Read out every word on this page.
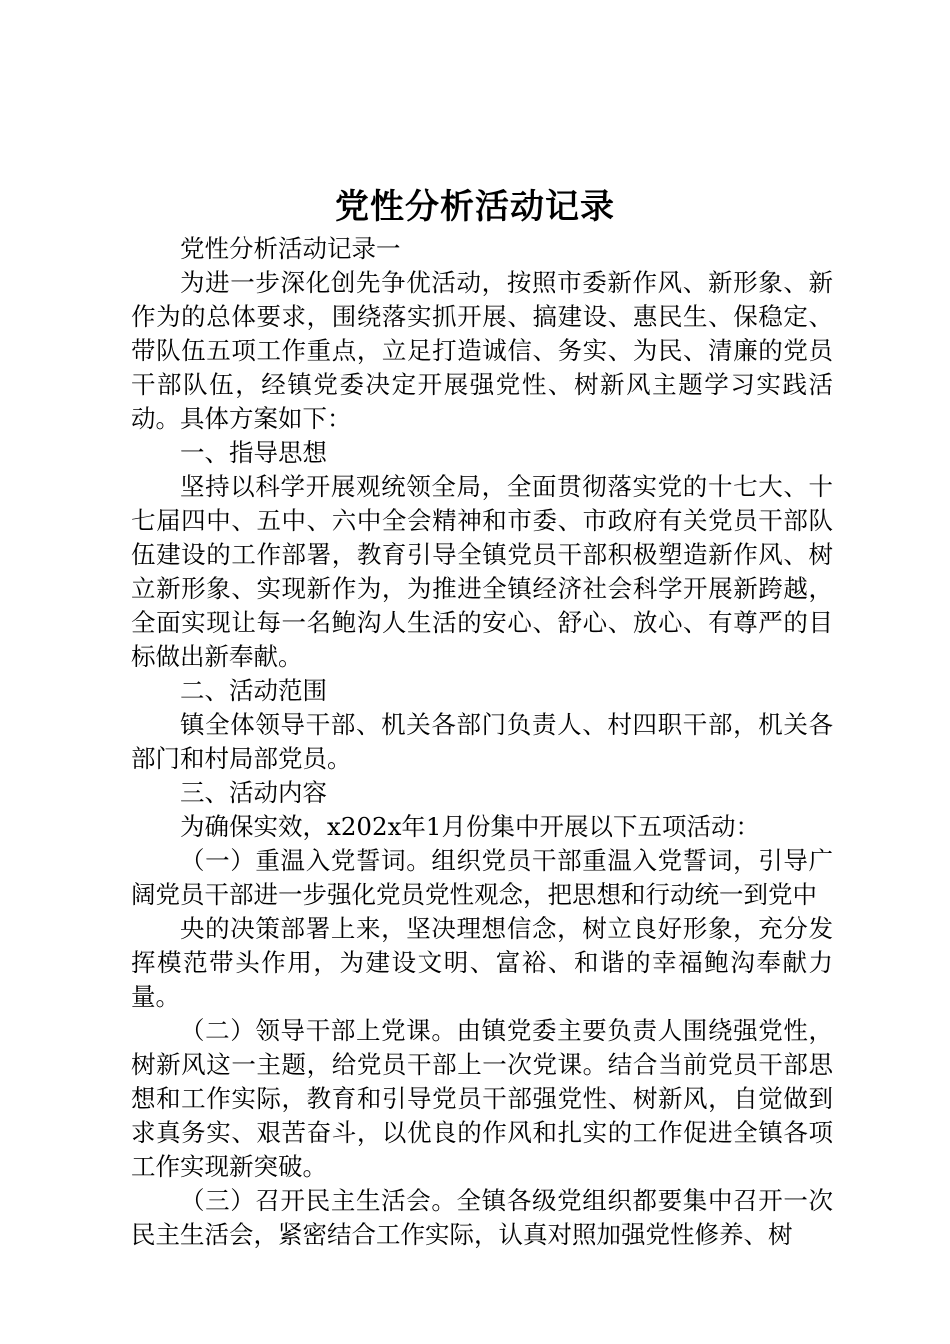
党性分析活动记录

党性分析活动记录一

为进一步深化创先争优活动，按照市委新作风、新形象、新作为的总体要求，围绕落实抓开展、搞建设、惠民生、保稳定、带队伍五项工作重点，立足打造诚信、务实、为民、清廉的党员干部队伍，经镇党委决定开展强党性、树新风主题学习实践活动。具体方案如下：

一、指导思想

坚持以科学开展观统领全局，全面贯彻落实党的十七大、十七届四中、五中、六中全会精神和市委、市政府有关党员干部队伍建设的工作部署，教育引导全镇党员干部积极塑造新作风、树立新形象、实现新作为，为推进全镇经济社会科学开展新跨越，全面实现让每一名鲍沟人生活的安心、舒心、放心、有尊严的目标做出新奉献。

二、活动范围

镇全体领导干部、机关各部门负责人、村四职干部，机关各部门和村局部党员。

三、活动内容

为确保实效，x202x年1月份集中开展以下五项活动：

（一）重温入党誓词。组织党员干部重温入党誓词，引导广阔党员干部进一步强化党员党性观念，把思想和行动统一到党中

央的决策部署上来，坚决理想信念，树立良好形象，充分发挥模范带头作用，为建设文明、富裕、和谐的幸福鲍沟奉献力量。

（二）领导干部上党课。由镇党委主要负责人围绕强党性，树新风这一主题，给党员干部上一次党课。结合当前党员干部思想和工作实际，教育和引导党员干部强党性、树新风，自觉做到求真务实、艰苦奋斗，以优良的作风和扎实的工作促进全镇各项工作实现新突破。

（三）召开民主生活会。全镇各级党组织都要集中召开一次民主生活会，紧密结合工作实际，认真对照加强党性修养、树
